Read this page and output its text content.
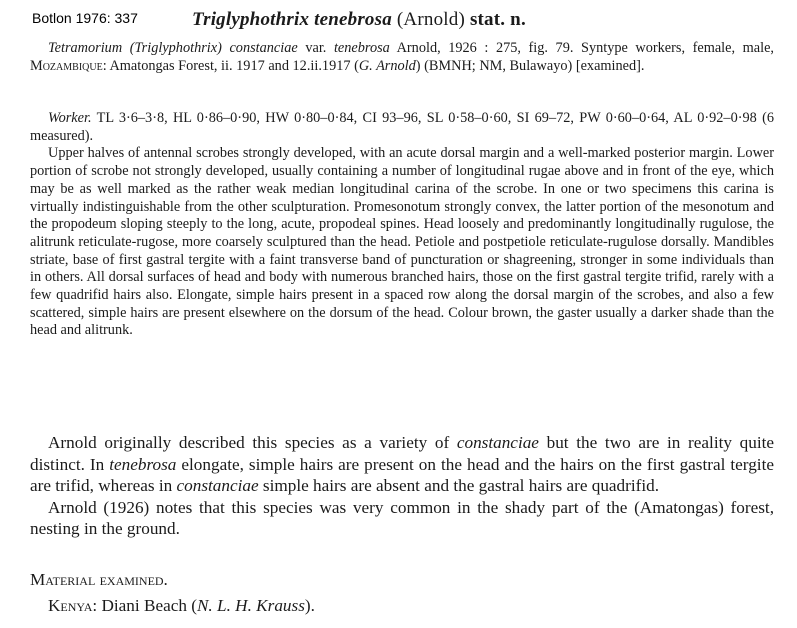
Botlon 1976: 337	Triglyphothrix tenebrosa (Arnold) stat. n.

Tetramorium (Triglyphothrix) constanciae var. tenebrosa Arnold, 1926 : 275, fig. 79. Syntype workers, female, male, Mozambique: Amatongas Forest, ii. 1917 and 12.ii.1917 (G. Arnold) (BMNH; NM, Bulawayo) [examined].

Worker. TL 3·6–3·8, HL 0·86–0·90, HW 0·80–0·84, CI 93–96, SL 0·58–0·60, SI 69–72, PW 0·60–0·64, AL 0·92–0·98 (6 measured).

Upper halves of antennal scrobes strongly developed, with an acute dorsal margin and a well-marked posterior margin. Lower portion of scrobe not strongly developed, usually containing a number of longitudinal rugae above and in front of the eye, which may be as well marked as the rather weak median longitudinal carina of the scrobe. In one or two specimens this carina is virtually indistinguishable from the other sculpturation. Promesonotum strongly convex, the latter portion of the mesonotum and the propodeum sloping steeply to the long, acute, propodeal spines. Head loosely and predominantly longitudinally rugulose, the alitrunk reticulate-rugose, more coarsely sculptured than the head. Petiole and postpetiole reticulate-rugulose dorsally. Mandibles striate, base of first gastral tergite with a faint transverse band of puncturation or shagreening, stronger in some individuals than in others. All dorsal surfaces of head and body with numerous branched hairs, those on the first gastral tergite trifid, rarely with a few quadrifid hairs also. Elongate, simple hairs present in a spaced row along the dorsal margin of the scrobes, and also a few scattered, simple hairs are present elsewhere on the dorsum of the head. Colour brown, the gaster usually a darker shade than the head and alitrunk.

Arnold originally described this species as a variety of constanciae but the two are in reality quite distinct. In tenebrosa elongate, simple hairs are present on the head and the hairs on the first gastral tergite are trifid, whereas in constanciae simple hairs are absent and the gastral hairs are quadrifid.

Arnold (1926) notes that this species was very common in the shady part of the (Amatongas) forest, nesting in the ground.

Material examined.

Kenya: Diani Beach (N. L. H. Krauss).
